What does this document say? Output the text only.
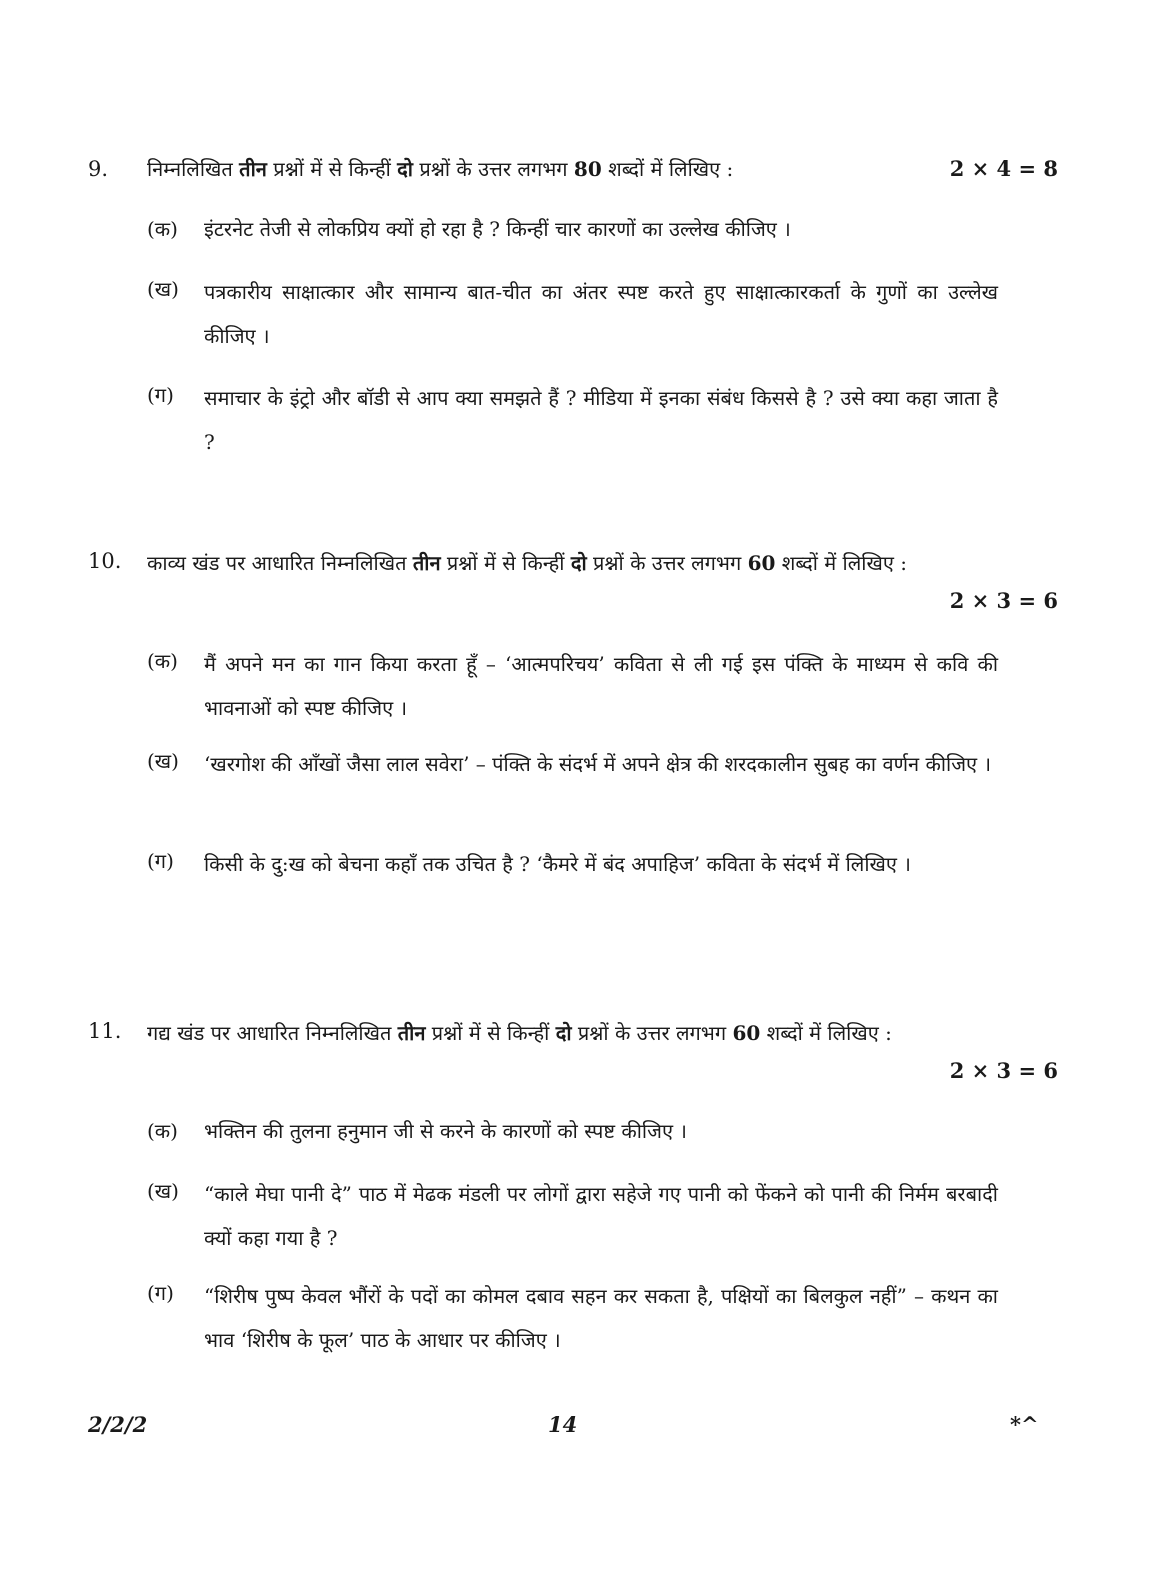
9. निम्नलिखित तीन प्रश्नों में से किन्हीं दो प्रश्नों के उत्तर लगभग 80 शब्दों में लिखिए :	2 × 4 = 8
(क) इंटरनेट तेजी से लोकप्रिय क्यों हो रहा है ? किन्हीं चार कारणों का उल्लेख कीजिए ।
(ख) पत्रकारीय साक्षात्कार और सामान्य बात-चीत का अंतर स्पष्ट करते हुए साक्षात्कारकर्ता के गुणों का उल्लेख कीजिए ।
(ग) समाचार के इंट्रो और बॉडी से आप क्या समझते हैं ? मीडिया में इनका संबंध किससे है ? उसे क्या कहा जाता है ?
10. काव्य खंड पर आधारित निम्नलिखित तीन प्रश्नों में से किन्हीं दो प्रश्नों के उत्तर लगभग 60 शब्दों में लिखिए :
2 × 3 = 6
(क) मैं अपने मन का गान किया करता हूँ – ‘आत्मपरिचय’ कविता से ली गई इस पंक्ति के माध्यम से कवि की भावनाओं को स्पष्ट कीजिए ।
(ख) ‘खरगोश की आँखों जैसा लाल सवेरा’ – पंक्ति के संदर्भ में अपने क्षेत्र की शरदकालीन सुबह का वर्णन कीजिए ।
(ग) किसी के दु:ख को बेचना कहाँ तक उचित है ? ‘कैमरे में बंद अपाहिज’ कविता के संदर्भ में लिखिए ।
11. गद्य खंड पर आधारित निम्नलिखित तीन प्रश्नों में से किन्हीं दो प्रश्नों के उत्तर लगभग 60 शब्दों में लिखिए :
2 × 3 = 6
(क) भक्तिन की तुलना हनुमान जी से करने के कारणों को स्पष्ट कीजिए ।
(ख) “काले मेघा पानी दे” पाठ में मेढक मंडली पर लोगों द्वारा सहेजे गए पानी को फेंकने को पानी की निर्मम बरबादी क्यों कहा गया है ?
(ग) “शिरीष पुष्प केवल भौंरों के पदों का कोमल दबाव सहन कर सकता है, पक्षियों का बिलकुल नहीं” – कथन का भाव ‘शिरीष के फूल’ पाठ के आधार पर कीजिए ।
2/2/2	14	*^
